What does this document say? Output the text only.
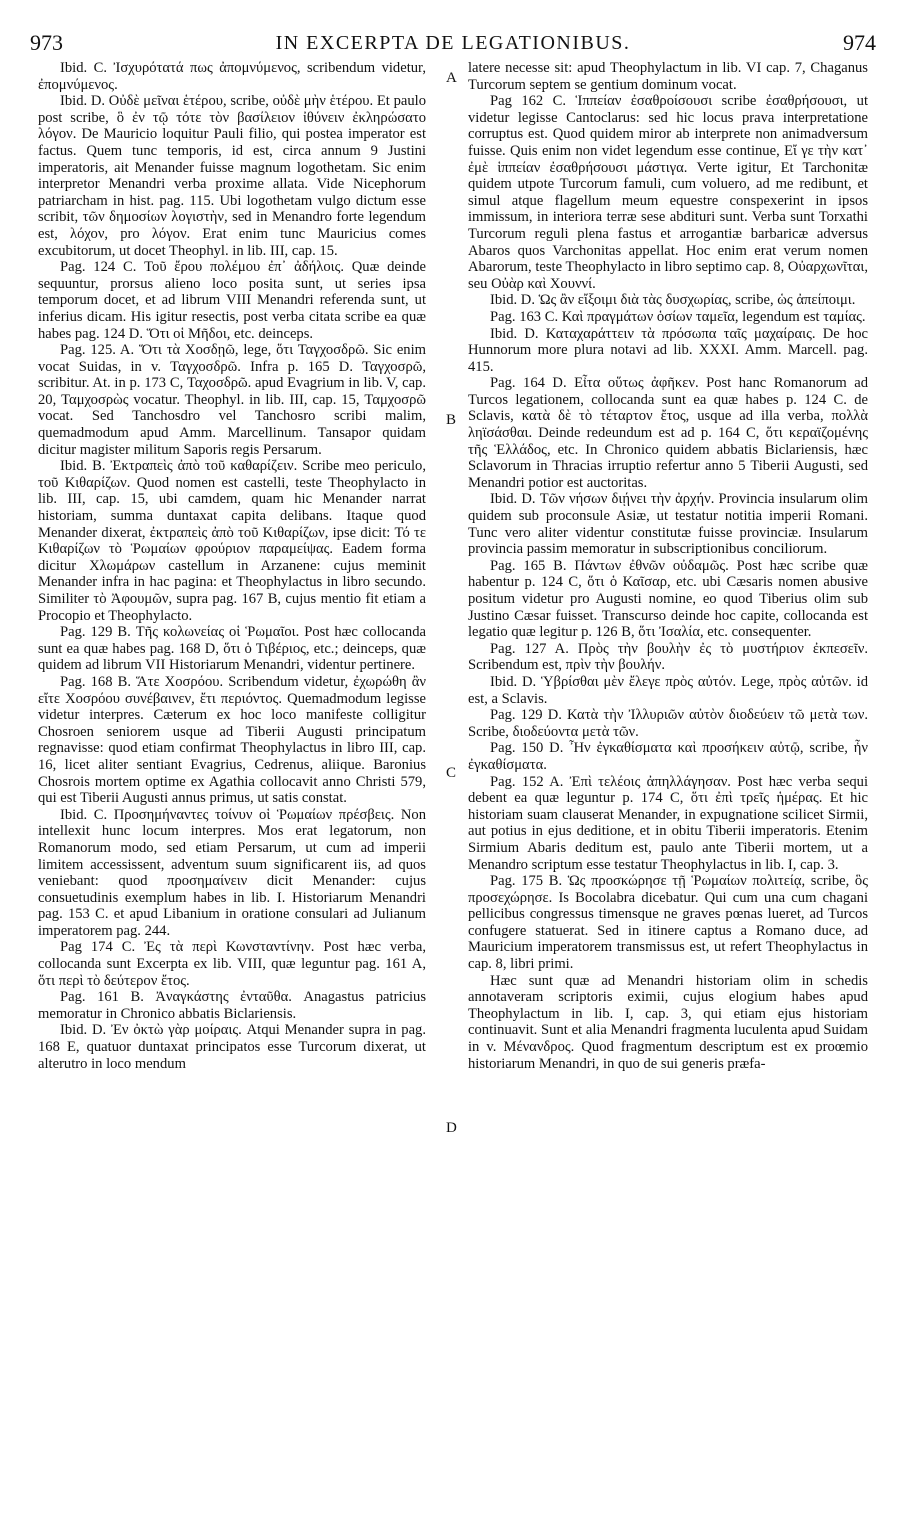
973	IN EXCERPTA DE LEGATIONIBUS.	974

Ibid. C. Ἰσχυρότατά πως ἀπομνύμενος, scribendum videtur, ἐπομνύμενος.

Ibid. D. Οὐδὲ μεῖναι ἑτέρου, scribe, οὐδὲ μὴν ἑτέρου. Et paulo post scribe, ὃ ἐν τῷ τότε τὸν βασίλειον ἰθύνειν ἐκληρώσατο λόγον. De Mauricio loquitur Pauli filio, qui postea imperator est factus. Quem tunc temporis, id est, circa annum 9 Justini imperatoris, ait Menander fuisse magnum logothetam. Sic enim interpretor Menandri verba proxime allata. Vide Nicephorum patriarcham in hist. pag. 115. Ubi logothetam vulgo dictum esse scribit, τῶν δημοσίων λογιστὴν, sed in Menandro forte legendum est, λόχον, pro λόγον. Erat enim tunc Mauricius comes excubitorum, ut docet Theophyl. in lib. III, cap. 15.

Pag. 124 C. Τοῦ ἔρου πολέμου ἐπ᾽ ἀδήλοις. Quæ deinde sequuntur, prorsus alieno loco posita sunt, ut series ipsa temporum docet, et ad librum VIII Menandri referenda sunt, ut inferius dicam. His igitur resectis, post verba citata scribe ea quæ habes pag. 124 D. Ὅτι οἱ Μῆδοι, etc. deinceps.

Pag. 125. A. Ὅτι τὰ Χοσδῃῶ, lege, ὅτι Ταγχοσδρῶ. Sic enim vocat Suidas, in v. Ταγχοσδρῶ. Infra p. 165 D. Ταγχοσρῶ, scribitur. At. in p. 173 C, Ταχοσδρῶ. apud Evagrium in lib. V, cap. 20, Ταμχοσρὼς vocatur. Theophyl. in lib. III, cap. 15, Ταμχοσρῶ vocat. Sed Tanchosdro vel Tanchosro scribi malim, quemadmodum apud Amm. Marcellinum. Tansapor quidam dicitur magister militum Saporis regis Persarum.

Ibid. B. Ἐκτραπεὶς ἀπὸ τοῦ καθαρίζειν. Scribe meo periculo, τοῦ Κιθαρίζων. Quod nomen est castelli, teste Theophylacto in lib. III, cap. 15, ubi camdem, quam hic Menander narrat historiam, summa duntaxat capita delibans. Itaque quod Menander dixerat, ἐκτραπεὶς ἀπὸ τοῦ Κιθαρίζων, ipse dicit: Τό τε Κιθαρίζων τὸ Ῥωμαίων φρούριον παραμείψας. Eadem forma dicitur Χλωμάρων castellum in Arzanene: cujus meminit Menander infra in hac pagina: et Theophylactus in libro secundo. Similiter τὸ Ἀφουμῶν, supra pag. 167 B, cujus mentio fit etiam a Procopio et Theophylacto.

Pag. 129 B. Τῆς κολωνείας οἱ Ῥωμαῖοι. Post hæc collocanda sunt ea quæ habes pag. 168 D, ὅτι ὁ Τιβέριος, etc.; deinceps, quæ quidem ad librum VII Historiarum Menandri, videntur pertinere.

Pag. 168 B. Ἅτε Χοσρόου. Scribendum videtur, ἐχωρώθη ἂν εἴτε Χοσρόου συνέβαινεν, ἔτι περιόντος. Quemadmodum legisse videtur interpres. Cæterum ex hoc loco manifeste colligitur Chosroen seniorem usque ad Tiberii Augusti principatum regnavisse: quod etiam confirmat Theophylactus in libro III, cap. 16, licet aliter sentiant Evagrius, Cedrenus, aliique. Baronius Chosrois mortem optime ex Agathia collocavit anno Christi 579, qui est Tiberii Augusti annus primus, ut satis constat.

Ibid. C. Προσημήναντες τοίνυν οἱ Ῥωμαίων πρέσβεις. Non intellexit hunc locum interpres. Mos erat legatorum, non Romanorum modo, sed etiam Persarum, ut cum ad imperii limitem accessissent, adventum suum significarent iis, ad quos veniebant: quod προσημαίνειν dicit Menander: cujus consuetudinis exemplum habes in lib. I. Historiarum Menandri pag. 153 C. et apud Libanium in oratione consulari ad Julianum imperatorem pag. 244.

Pag 174 C. Ἐς τὰ περὶ Κωνσταντίνην. Post hæc verba, collocanda sunt Excerpta ex lib. VIII, quæ leguntur pag. 161 A, ὅτι περὶ τὸ δεύτερον ἔτος.

Pag. 161 B. Ἀναγκάστης ἐνταῦθα. Anagastus patricius memoratur in Chronico abbatis Biclariensis.

Ibid. D. Ἐν ὀκτὼ γὰρ μοίραις. Atqui Menander supra in pag. 168 E, quatuor duntaxat principatos esse Turcorum dixerat, ut alterutro in loco mendum

A
B
C
D

latere necesse sit: apud Theophylactum in lib. VI cap. 7, Chaganus Turcorum septem se gentium dominum vocat.

Pag 162 C. Ἱππείαν ἐσαθροίσουσι scribe ἐσαθρήσουσι, ut videtur legisse Cantoclarus: sed hic locus prava interpretatione corruptus est. Quod quidem miror ab interprete non animadversum fuisse. Quis enim non videt legendum esse continue, Εἴ γε τὴν κατ᾽ ἐμὲ ἱππείαν ἐσαθρήσουσι μάστιγα. Verte igitur, Et Tarchonitæ quidem utpote Turcorum famuli, cum voluero, ad me redibunt, et simul atque flagellum meum equestre conspexerint in ipsos immissum, in interiora terræ sese abdituri sunt. Verba sunt Torxathi Turcorum reguli plena fastus et arrogantiæ barbaricæ adversus Abaros quos Varchonitas appellat. Hoc enim erat verum nomen Abarorum, teste Theophylacto in libro septimo cap. 8, Οὐαρχωνῖται, seu Οὐὰρ καὶ Χουννί.

Ibid. D. Ὡς ἂν εἴξοιμι διὰ τὰς δυσχωρίας, scribe, ὡς ἀπείποιμι.

Pag. 163 C. Καὶ πραγμάτων ὁσίων ταμεῖα, legendum est ταμίας.

Ibid. D. Καταχαράττειν τὰ πρόσωπα ταῖς μαχαίραις. De hoc Hunnorum more plura notavi ad lib. XXXI. Amm. Marcell. pag. 415.

Pag. 164 D. Εἶτα οὕτως ἀφῆκεν. Post hanc Romanorum ad Turcos legationem, collocanda sunt ea quæ habes p. 124 C. de Sclavis, κατὰ δὲ τὸ τέταρτον ἔτος, usque ad illa verba, πολλὰ ληϊσάσθαι. Deinde redeundum est ad p. 164 C, ὅτι κεραϊζομένης τῆς Ἑλλάδος, etc. In Chronico quidem abbatis Biclariensis, hæc Sclavorum in Thracias irruptio refertur anno 5 Tiberii Augusti, sed Menandri potior est auctoritas.

Ibid. D. Τῶν νήσων διῄνει τὴν ἀρχήν. Provincia insularum olim quidem sub proconsule Asiæ, ut testatur notitia imperii Romani. Tunc vero aliter videntur constitutæ fuisse provinciæ. Insularum provincia passim memoratur in subscriptionibus conciliorum.

Pag. 165 B. Πάντων ἐθνῶν οὐδαμῶς. Post hæc scribe quæ habentur p. 124 C, ὅτι ὁ Καῖσαρ, etc. ubi Cæsaris nomen abusive positum videtur pro Augusti nomine, eo quod Tiberius olim sub Justino Cæsar fuisset. Transcurso deinde hoc capite, collocanda est legatio quæ legitur p. 126 B, ὅτι Ἰσαλία, etc. consequenter.

Pag. 127 A. Πρὸς τὴν βουλὴν ἐς τὸ μυστήριον ἐκπεσεῖν. Scribendum est, πρὶν τὴν βουλήν.

Ibid. D. Ὑβρίσθαι μὲν ἔλεγε πρὸς αὐτόν. Lege, πρὸς αὐτῶν. id est, a Sclavis.

Pag. 129 D. Κατὰ τὴν Ἰλλυριῶν αὐτὸν διοδεύειν τῶ μετὰ των. Scribe, διοδεύοντα μετὰ τῶν.

Pag. 150 D. Ἦν ἐγκαθίσματα καὶ προσήκειν αὐτῷ, scribe, ἦν ἐγκαθίσματα.

Pag. 152 A. Ἐπὶ τελέοις ἀπηλλάγησαν. Post hæc verba sequi debent ea quæ leguntur p. 174 C, ὅτι ἐπὶ τρεῖς ἡμέρας. Et hic historiam suam clauserat Menander, in expugnatione scilicet Sirmii, aut potius in ejus deditione, et in obitu Tiberii imperatoris. Etenim Sirmium Abaris deditum est, paulo ante Tiberii mortem, ut a Menandro scriptum esse testatur Theophylactus in lib. I, cap. 3.

Pag. 175 B. Ὡς προσκώρησε τῇ Ῥωμαίων πολιτείᾳ, scribe, ὃς προσεχώρησε. Is Bocolabra dicebatur. Qui cum una cum chagani pellicibus congressus timensque ne graves pœnas lueret, ad Turcos confugere statuerat. Sed in itinere captus a Romano duce, ad Mauricium imperatorem transmissus est, ut refert Theophylactus in cap. 8, libri primi.

Hæc sunt quæ ad Menandri historiam olim in schedis annotaveram scriptoris eximii, cujus elogium habes apud Theophylactum in lib. I, cap. 3, qui etiam ejus historiam continuavit. Sunt et alia Menandri fragmenta luculenta apud Suidam in v. Μένανδρος. Quod fragmentum descriptum est ex proœmio historiarum Menandri, in quo de sui generis præfa-
